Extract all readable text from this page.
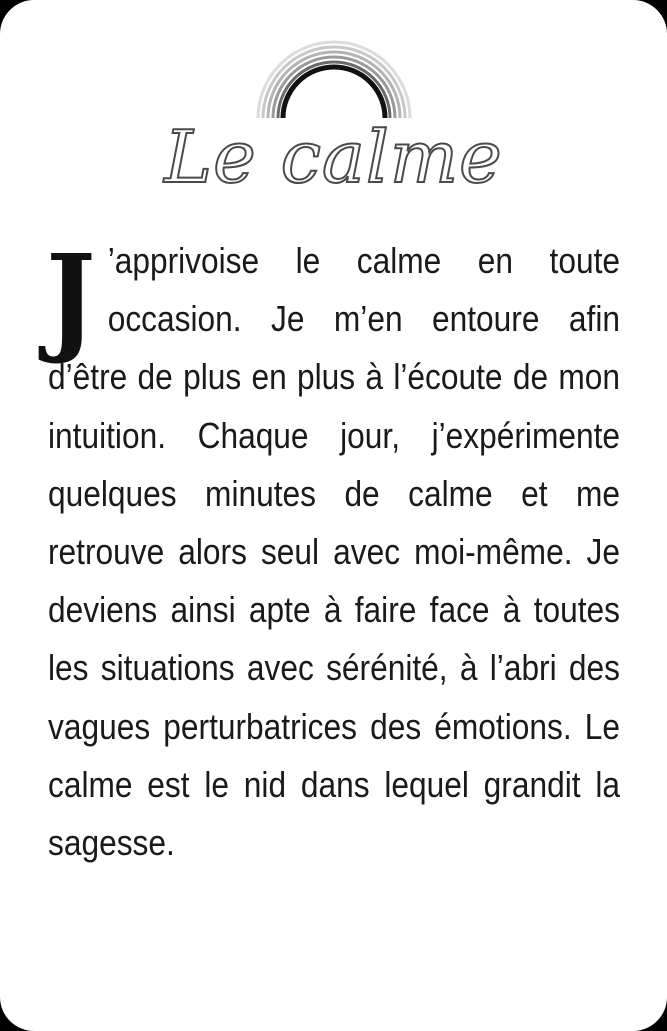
Le calme

J ’apprivoise le calme en toute occasion. Je m’en entoure afin d’être de plus en plus à l’écoute de mon intuition. Chaque jour, j’expérimente quelques minutes de calme et me retrouve alors seul avec moi-même. Je deviens ainsi apte à faire face à toutes les situations avec sérénité, à l’abri des vagues perturbatrices des émotions. Le calme est le nid dans lequel grandit la sagesse.
